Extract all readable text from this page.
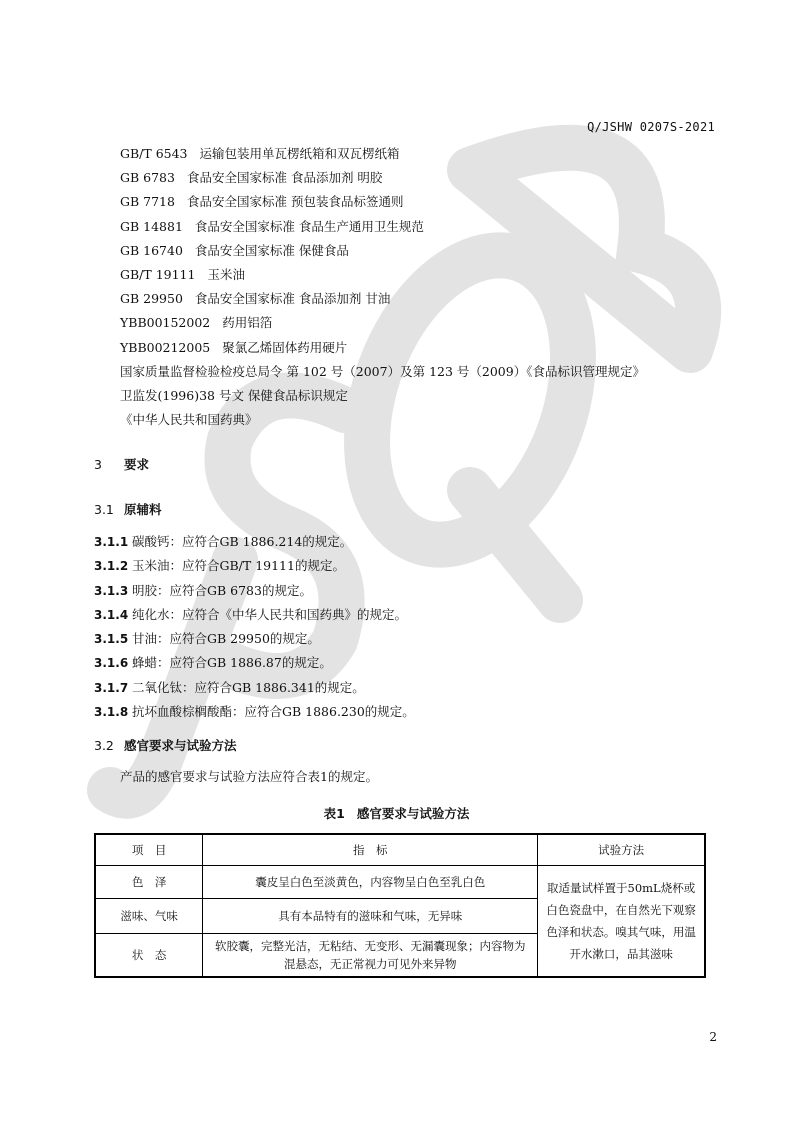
Q/JSHW 0207S-2021
GB/T 6543 运输包装用单瓦楞纸箱和双瓦楞纸箱
GB 6783 食品安全国家标准 食品添加剂 明胶
GB 7718 食品安全国家标准 预包装食品标签通则
GB 14881 食品安全国家标准 食品生产通用卫生规范
GB 16740 食品安全国家标准 保健食品
GB/T 19111 玉米油
GB 29950 食品安全国家标准 食品添加剂 甘油
YBB00152002 药用铝箔
YBB00212005 聚氯乙烯固体药用硬片
国家质量监督检验检疫总局令 第 102 号（2007）及第 123 号（2009）《食品标识管理规定》
卫监发(1996)38 号文 保健食品标识规定
《中华人民共和国药典》
3 要求
3.1 原辅料
3.1.1 碳酸钙：应符合GB 1886.214的规定。
3.1.2 玉米油：应符合GB/T 19111的规定。
3.1.3 明胶：应符合GB 6783的规定。
3.1.4 纯化水：应符合《中华人民共和国药典》的规定。
3.1.5 甘油：应符合GB 29950的规定。
3.1.6 蜂蜡：应符合GB 1886.87的规定。
3.1.7 二氧化钛：应符合GB 1886.341的规定。
3.1.8 抗坏血酸棕榈酸酯：应符合GB 1886.230的规定。
3.2 感官要求与试验方法
产品的感官要求与试验方法应符合表1的规定。
表1 感官要求与试验方法
项　目	指　标	试验方法
色　泽	囊皮呈白色至淡黄色，内容物呈白色至乳白色	取适量试样置于50mL烧杯或白色瓷盘中，在自然光下观察色泽和状态。嗅其气味，用温开水漱口，品其滋味
滋味、气味	具有本品特有的滋味和气味，无异味	
状　态	软胶囊，完整光洁，无粘结、无变形、无漏囊现象；内容物为混悬态，无正常视力可见外来异物	
2
